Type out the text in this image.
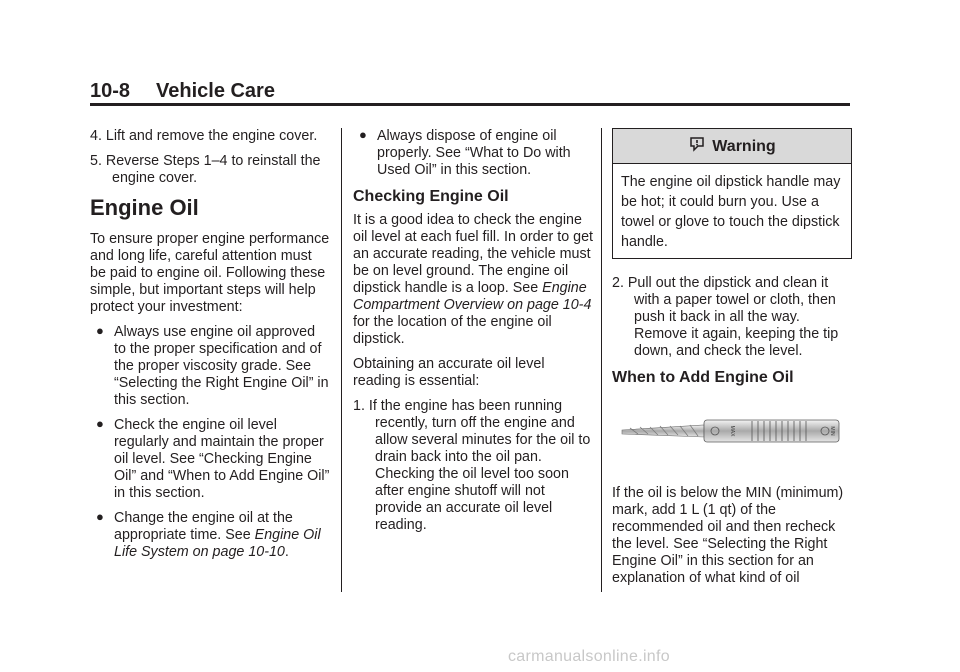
10-8 Vehicle Care

4. Lift and remove the engine cover.

5. Reverse Steps 1–4 to reinstall the engine cover.

Engine Oil

To ensure proper engine performance and long life, careful attention must be paid to engine oil. Following these simple, but important steps will help protect your investment:

● Always use engine oil approved to the proper specification and of the proper viscosity grade. See “Selecting the Right Engine Oil” in this section.
● Check the engine oil level regularly and maintain the proper oil level. See “Checking Engine Oil” and “When to Add Engine Oil” in this section.
● Change the engine oil at the appropriate time. See Engine Oil Life System on page 10-10.
● Always dispose of engine oil properly. See “What to Do with Used Oil” in this section.
Checking Engine Oil

It is a good idea to check the engine oil level at each fuel fill. In order to get an accurate reading, the vehicle must be on level ground. The engine oil dipstick handle is a loop. See Engine Compartment Overview on page 10-4 for the location of the engine oil dipstick.

Obtaining an accurate oil level reading is essential:

1. If the engine has been running recently, turn off the engine and allow several minutes for the oil to drain back into the oil pan. Checking the oil level too soon after engine shutoff will not provide an accurate oil level reading.

Warning
The engine oil dipstick handle may be hot; it could burn you. Use a towel or glove to touch the dipstick handle.

2. Pull out the dipstick and clean it with a paper towel or cloth, then push it back in all the way. Remove it again, keeping the tip down, and check the level.

When to Add Engine Oil
MAX	MIN

If the oil is below the MIN (minimum) mark, add 1 L (1 qt) of the recommended oil and then recheck the level. See “Selecting the Right Engine Oil” in this section for an explanation of what kind of oil

carmanualsonline.info
